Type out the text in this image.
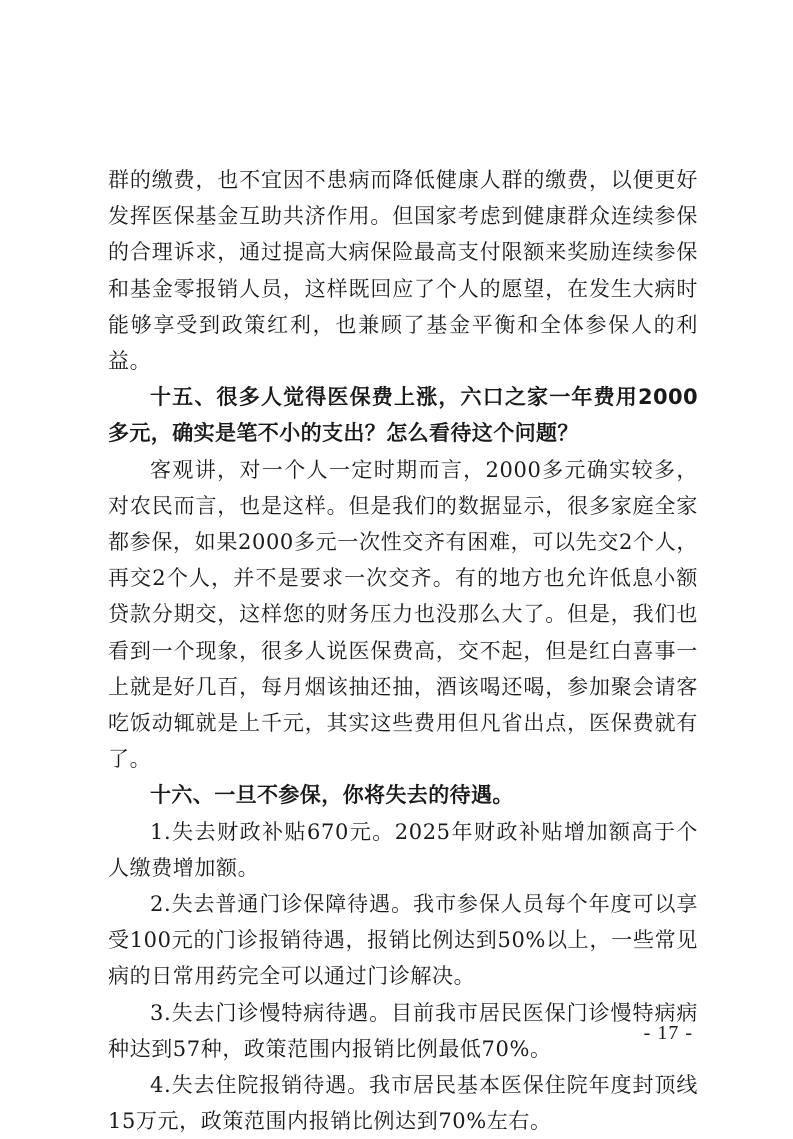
群的缴费，也不宜因不患病而降低健康人群的缴费，以便更好发挥医保基金互助共济作用。但国家考虑到健康群众连续参保的合理诉求，通过提高大病保险最高支付限额来奖励连续参保和基金零报销人员，这样既回应了个人的愿望，在发生大病时能够享受到政策红利，也兼顾了基金平衡和全体参保人的利益。

十五、很多人觉得医保费上涨，六口之家一年费用2000多元，确实是笔不小的支出？怎么看待这个问题？

客观讲，对一个人一定时期而言，2000多元确实较多，对农民而言，也是这样。但是我们的数据显示，很多家庭全家都参保，如果2000多元一次性交齐有困难，可以先交2个人，再交2个人，并不是要求一次交齐。有的地方也允许低息小额贷款分期交，这样您的财务压力也没那么大了。但是，我们也看到一个现象，很多人说医保费高，交不起，但是红白喜事一上就是好几百，每月烟该抽还抽，酒该喝还喝，参加聚会请客吃饭动辄就是上千元，其实这些费用但凡省出点，医保费就有了。

十六、一旦不参保，你将失去的待遇。

1.失去财政补贴670元。2025年财政补贴增加额高于个人缴费增加额。

2.失去普通门诊保障待遇。我市参保人员每个年度可以享受100元的门诊报销待遇，报销比例达到50%以上，一些常见病的日常用药完全可以通过门诊解决。

3.失去门诊慢特病待遇。目前我市居民医保门诊慢特病病种达到57种，政策范围内报销比例最低70%。

4.失去住院报销待遇。我市居民基本医保住院年度封顶线15万元，政策范围内报销比例达到70%左右。

- 17 -
